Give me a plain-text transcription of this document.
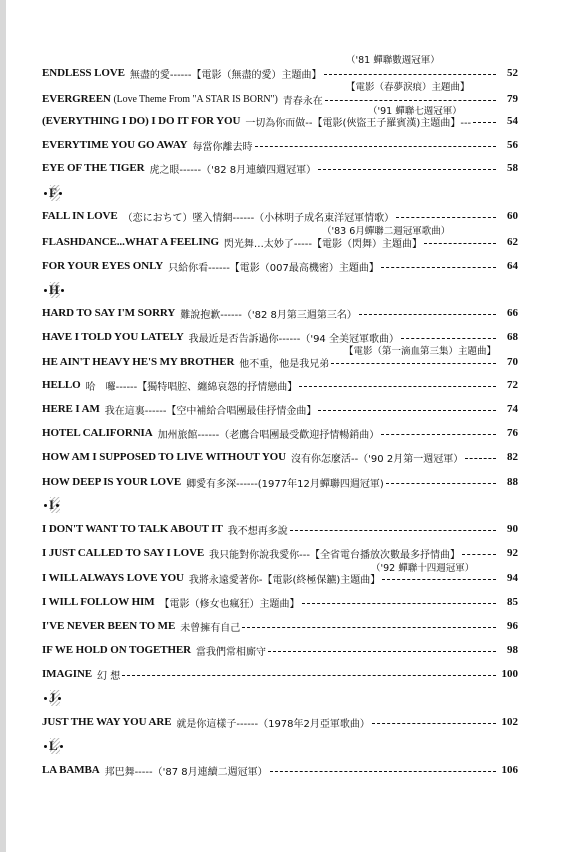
（'81 蟬聯數週冠軍）
ENDLESS LOVE 無盡的愛------【電影（無盡的愛）主題曲】	52
【電影（春夢淚痕）主題曲】
EVERGREEN (Love Theme From "A STAR IS BORN") 青春永在	79
（'91 蟬聯七週冠軍）
(EVERYTHING I DO) I DO IT FOR YOU 一切為你而做--【電影(俠盜王子羅賓漢)主題曲】---	54
EVERYTIME YOU GO AWAY 每當你離去時	56
EYE OF THE TIGER 虎之眼------（'82 8月連續四週冠軍）	58
F
FALL IN LOVE （恋におちて）墜入情網------（小林明子成名東洋冠軍情歌）	60
（'83 6月蟬聯二週冠軍歌曲）
FLASHDANCE...WHAT A FEELING 閃光舞…太妙了-----【電影（閃舞）主題曲】	62
FOR YOUR EYES ONLY 只給你看------【電影（007最高機密）主題曲】	64
H
HARD TO SAY I'M SORRY 難說抱歉------（'82 8月第三週第三名）	66
HAVE I TOLD YOU LATELY 我最近是否告訴過你------（'94 全美冠軍歌曲）	68
【電影（第一滴血第三集）主題曲】
HE AIN'T HEAVY HE'S MY BROTHER 他不重，他是我兄弟	70
HELLO 哈　囉------【獨特唱腔、纏綿哀怨的抒情戀曲】	72
HERE I AM 我在這裏------【空中補給合唱團最佳抒情金曲】	74
HOTEL CALIFORNIA 加州旅館------（老鷹合唱團最受歡迎抒情暢銷曲）	76
HOW AM I SUPPOSED TO LIVE WITHOUT YOU 沒有你怎麼活--（'90 2月第一週冠軍）	82
HOW DEEP IS YOUR LOVE 卿愛有多深------(1977年12月蟬聯四週冠軍)	88
I
I DON'T WANT TO TALK ABOUT IT 我不想再多說	90
I JUST CALLED TO SAY I LOVE 我只能對你說我愛你---【全省電台播放次數最多抒情曲】	92
（'92 蟬聯十四週冠軍）
I WILL ALWAYS LOVE YOU 我將永遠愛著你-【電影(終極保鑣)主題曲】	94
I WILL FOLLOW HIM 【電影（修女也瘋狂）主題曲】	85
I'VE NEVER BEEN TO ME 未曾擁有自己	96
IF WE HOLD ON TOGETHER 當我們常相廝守	98
IMAGINE 幻 想	100
J
JUST THE WAY YOU ARE 就是你這樣子------（1978年2月亞軍歌曲）	102
L
LA BAMBA 邦巴舞-----（'87 8月連續二週冠軍）	106
